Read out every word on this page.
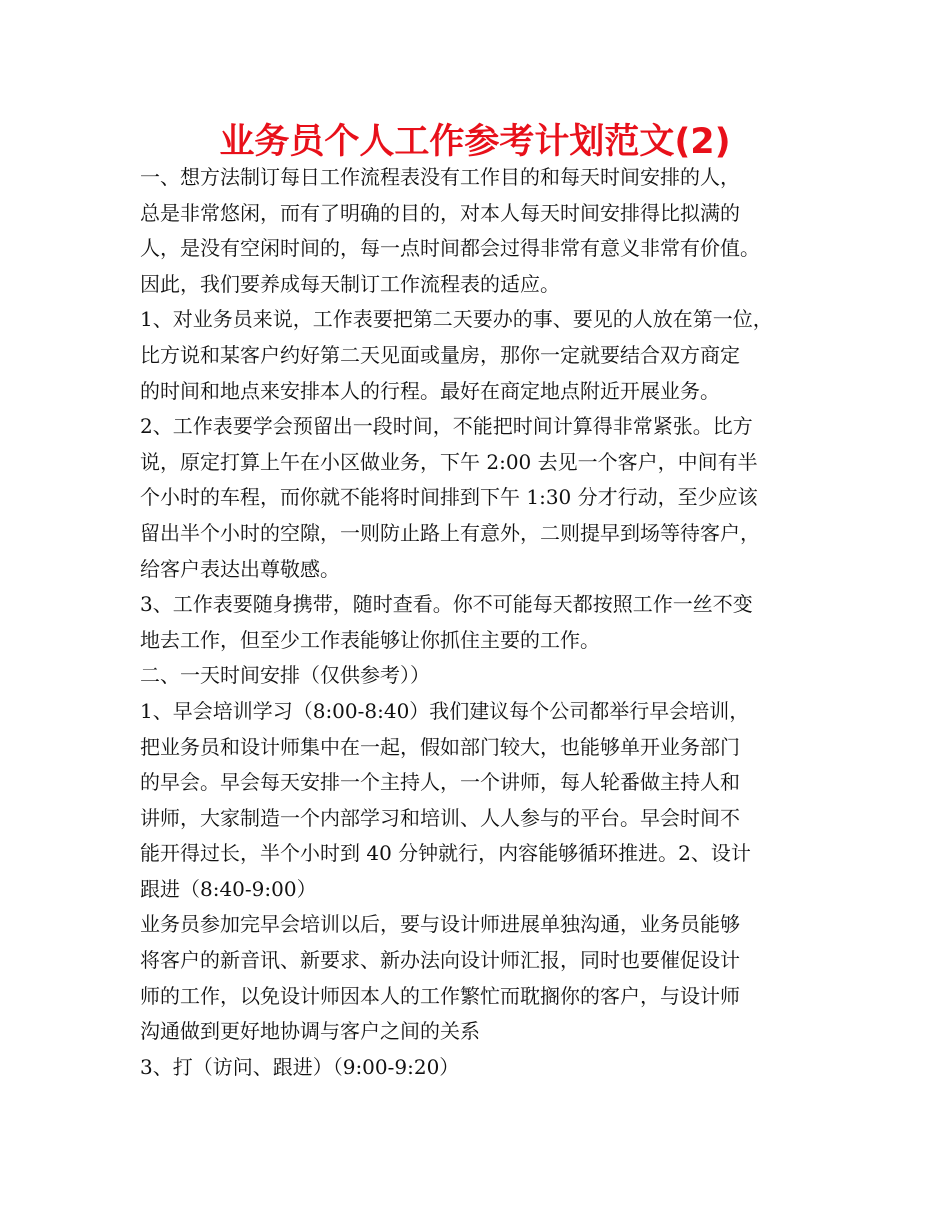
业务员个人工作参考计划范文(2)

一、想方法制订每日工作流程表没有工作目的和每天时间安排的人，

总是非常悠闲，而有了明确的目的，对本人每天时间安排得比拟满的

人，是没有空闲时间的，每一点时间都会过得非常有意义非常有价值。

因此，我们要养成每天制订工作流程表的适应。

1、对业务员来说，工作表要把第二天要办的事、要见的人放在第一位，

比方说和某客户约好第二天见面或量房，那你一定就要结合双方商定

的时间和地点来安排本人的行程。最好在商定地点附近开展业务。

2、工作表要学会预留出一段时间，不能把时间计算得非常紧张。比方

说，原定打算上午在小区做业务，下午 2:00 去见一个客户，中间有半

个小时的车程，而你就不能将时间排到下午 1:30 分才行动，至少应该

留出半个小时的空隙，一则防止路上有意外，二则提早到场等待客户，

给客户表达出尊敬感。

3、工作表要随身携带，随时查看。你不可能每天都按照工作一丝不变

地去工作，但至少工作表能够让你抓住主要的工作。

二、一天时间安排（仅供参考））

1、早会培训学习（8:00-8:40）我们建议每个公司都举行早会培训，

把业务员和设计师集中在一起，假如部门较大，也能够单开业务部门

的早会。早会每天安排一个主持人，一个讲师，每人轮番做主持人和

讲师，大家制造一个内部学习和培训、人人参与的平台。早会时间不

能开得过长，半个小时到 40 分钟就行，内容能够循环推进。2、设计

跟进（8:40-9:00）

业务员参加完早会培训以后，要与设计师进展单独沟通，业务员能够

将客户的新音讯、新要求、新办法向设计师汇报，同时也要催促设计

师的工作，以免设计师因本人的工作繁忙而耽搁你的客户，与设计师

沟通做到更好地协调与客户之间的关系

3、打（访问、跟进）（9:00-9:20）
